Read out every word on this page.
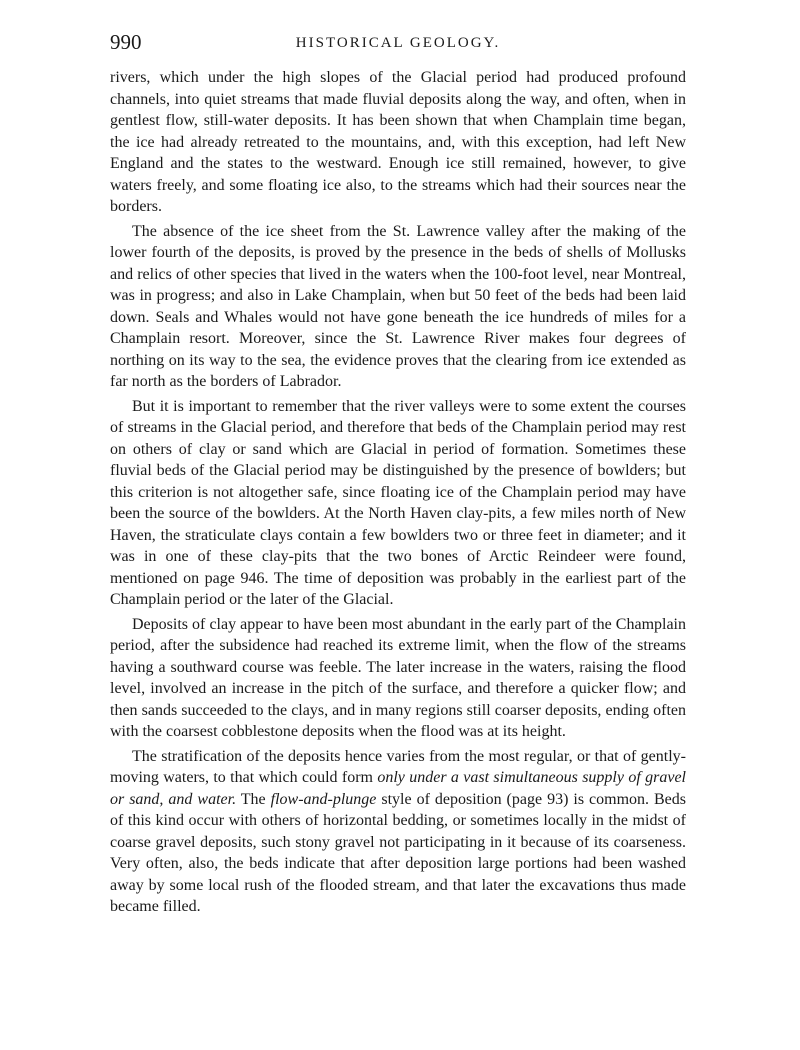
990	HISTORICAL GEOLOGY.

rivers, which under the high slopes of the Glacial period had produced profound channels, into quiet streams that made fluvial deposits along the way, and often, when in gentlest flow, still-water deposits. It has been shown that when Champlain time began, the ice had already retreated to the mountains, and, with this exception, had left New England and the states to the westward. Enough ice still remained, however, to give waters freely, and some floating ice also, to the streams which had their sources near the borders.

The absence of the ice sheet from the St. Lawrence valley after the making of the lower fourth of the deposits, is proved by the presence in the beds of shells of Mollusks and relics of other species that lived in the waters when the 100-foot level, near Montreal, was in progress; and also in Lake Champlain, when but 50 feet of the beds had been laid down. Seals and Whales would not have gone beneath the ice hundreds of miles for a Champlain resort. Moreover, since the St. Lawrence River makes four degrees of northing on its way to the sea, the evidence proves that the clearing from ice extended as far north as the borders of Labrador.

But it is important to remember that the river valleys were to some extent the courses of streams in the Glacial period, and therefore that beds of the Champlain period may rest on others of clay or sand which are Glacial in period of formation. Sometimes these fluvial beds of the Glacial period may be distinguished by the presence of bowlders; but this criterion is not altogether safe, since floating ice of the Champlain period may have been the source of the bowlders. At the North Haven clay-pits, a few miles north of New Haven, the straticulate clays contain a few bowlders two or three feet in diameter; and it was in one of these clay-pits that the two bones of Arctic Reindeer were found, mentioned on page 946. The time of deposition was probably in the earliest part of the Champlain period or the later of the Glacial.

Deposits of clay appear to have been most abundant in the early part of the Champlain period, after the subsidence had reached its extreme limit, when the flow of the streams having a southward course was feeble. The later increase in the waters, raising the flood level, involved an increase in the pitch of the surface, and therefore a quicker flow; and then sands succeeded to the clays, and in many regions still coarser deposits, ending often with the coarsest cobblestone deposits when the flood was at its height.

The stratification of the deposits hence varies from the most regular, or that of gently-moving waters, to that which could form only under a vast simultaneous supply of gravel or sand, and water. The flow-and-plunge style of deposition (page 93) is common. Beds of this kind occur with others of horizontal bedding, or sometimes locally in the midst of coarse gravel deposits, such stony gravel not participating in it because of its coarseness. Very often, also, the beds indicate that after deposition large portions had been washed away by some local rush of the flooded stream, and that later the excavations thus made became filled.
